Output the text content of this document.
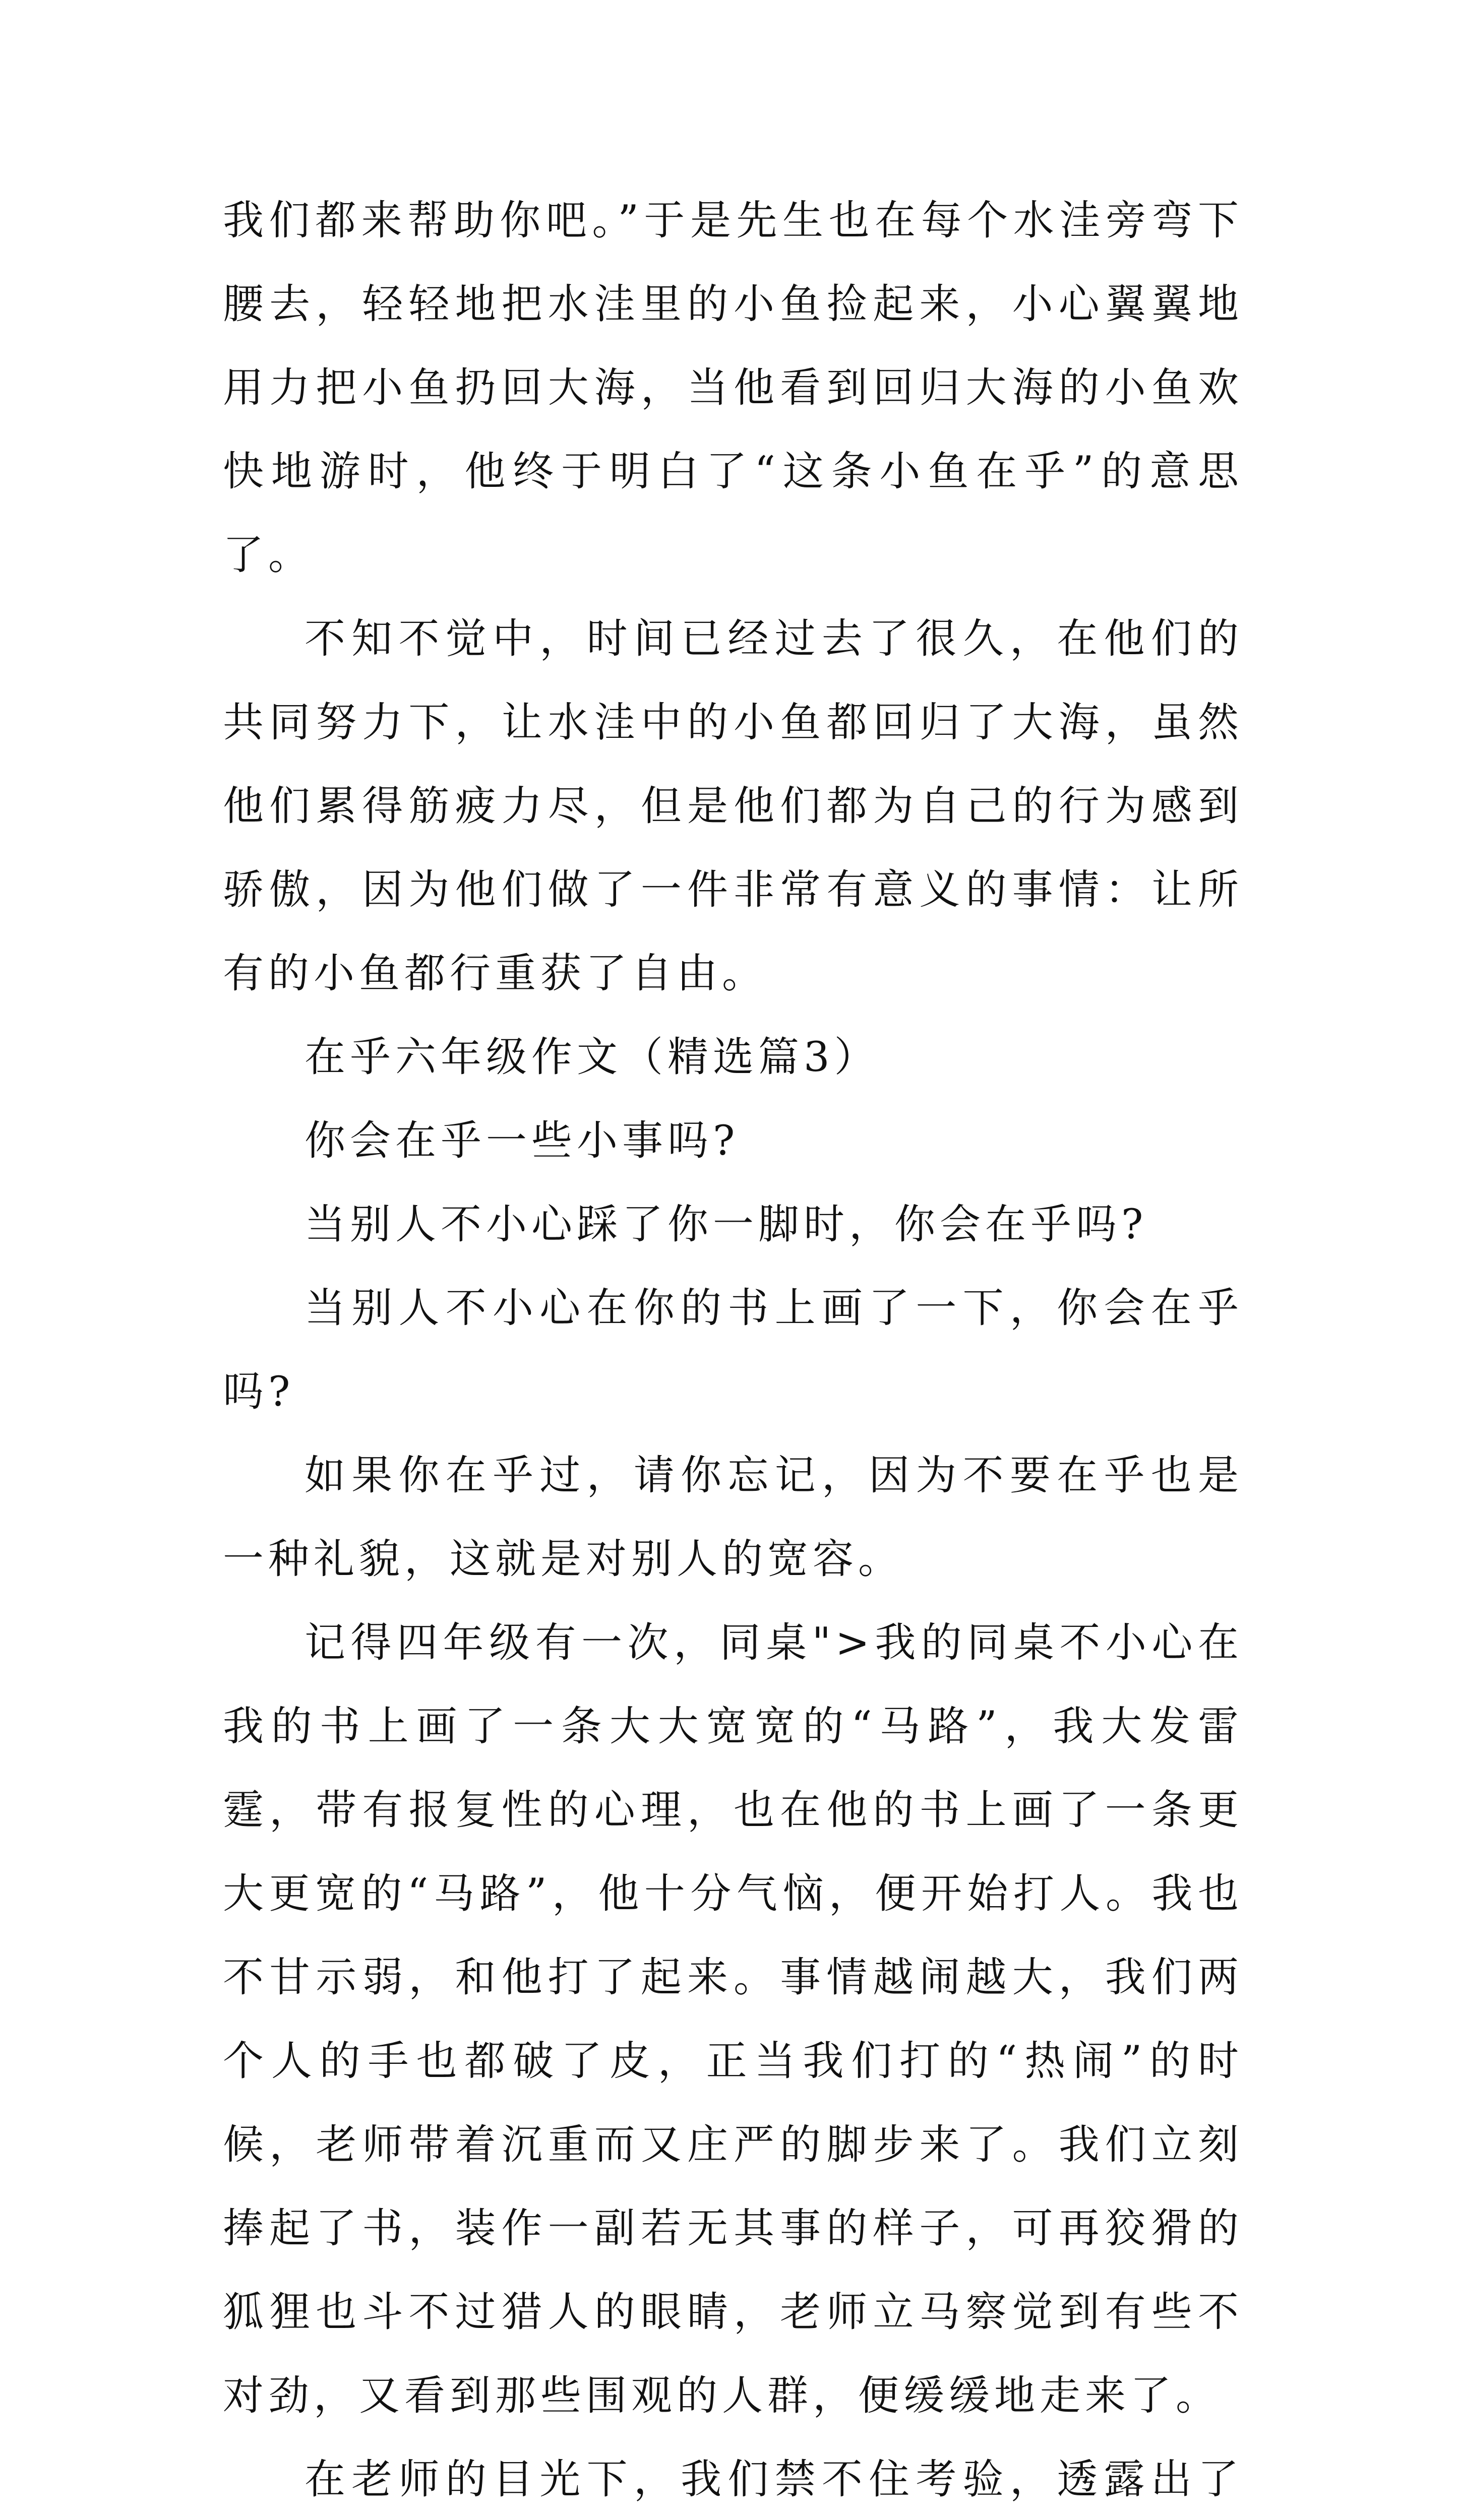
我们都来帮助你吧。”于是先生也在每个水洼旁弯下腰去，轻轻地把水洼里的小鱼捡起来，小心翼翼地用力把小鱼扔回大海，当他看到回归大海的小鱼欢快地游时，他终于明白了“这条小鱼在乎”的意思了。

不知不觉中，时间已经过去了很久，在他们的共同努力下，让水洼中的小鱼都回归了大海，虽然他们累得筋疲力尽，但是他们都为自己的行为感到骄傲，因为他们做了一件非常有意义的事情：让所有的小鱼都行重获了自由。

在乎六年级作文（精选篇3）

你会在乎一些小事吗?

当别人不小心踩了你一脚时，你会在乎吗?

当别人不小心在你的书上画了一下，你会在乎吗?

如果你在乎过，请你忘记，因为不要在乎也是一种礼貌，这就是对别人的宽容。

记得四年级有一次，同桌">我的同桌不小心在我的书上画了一条大大宽宽的“马路”，我大发雷霆，带有报复性的心理，也在他的书上画了一条更大更宽的“马路”，他十分气恼，便开始打人。我也不甘示弱，和他打了起来。事情越闹越大，我们两个人的手也都破了皮，正当我们打的“热闹”的时候，老师带着沉重而又庄严的脚步来了。我们立刻捧起了书，装作一副若无其事的样子，可再狡猾的狐狸也斗不过猎人的眼睛，老师立马察觉到有些不对劲，又看到那些围观的人群，便缓缓地走来了。

在老师的目光下，我们禁不住考验，透露出了
